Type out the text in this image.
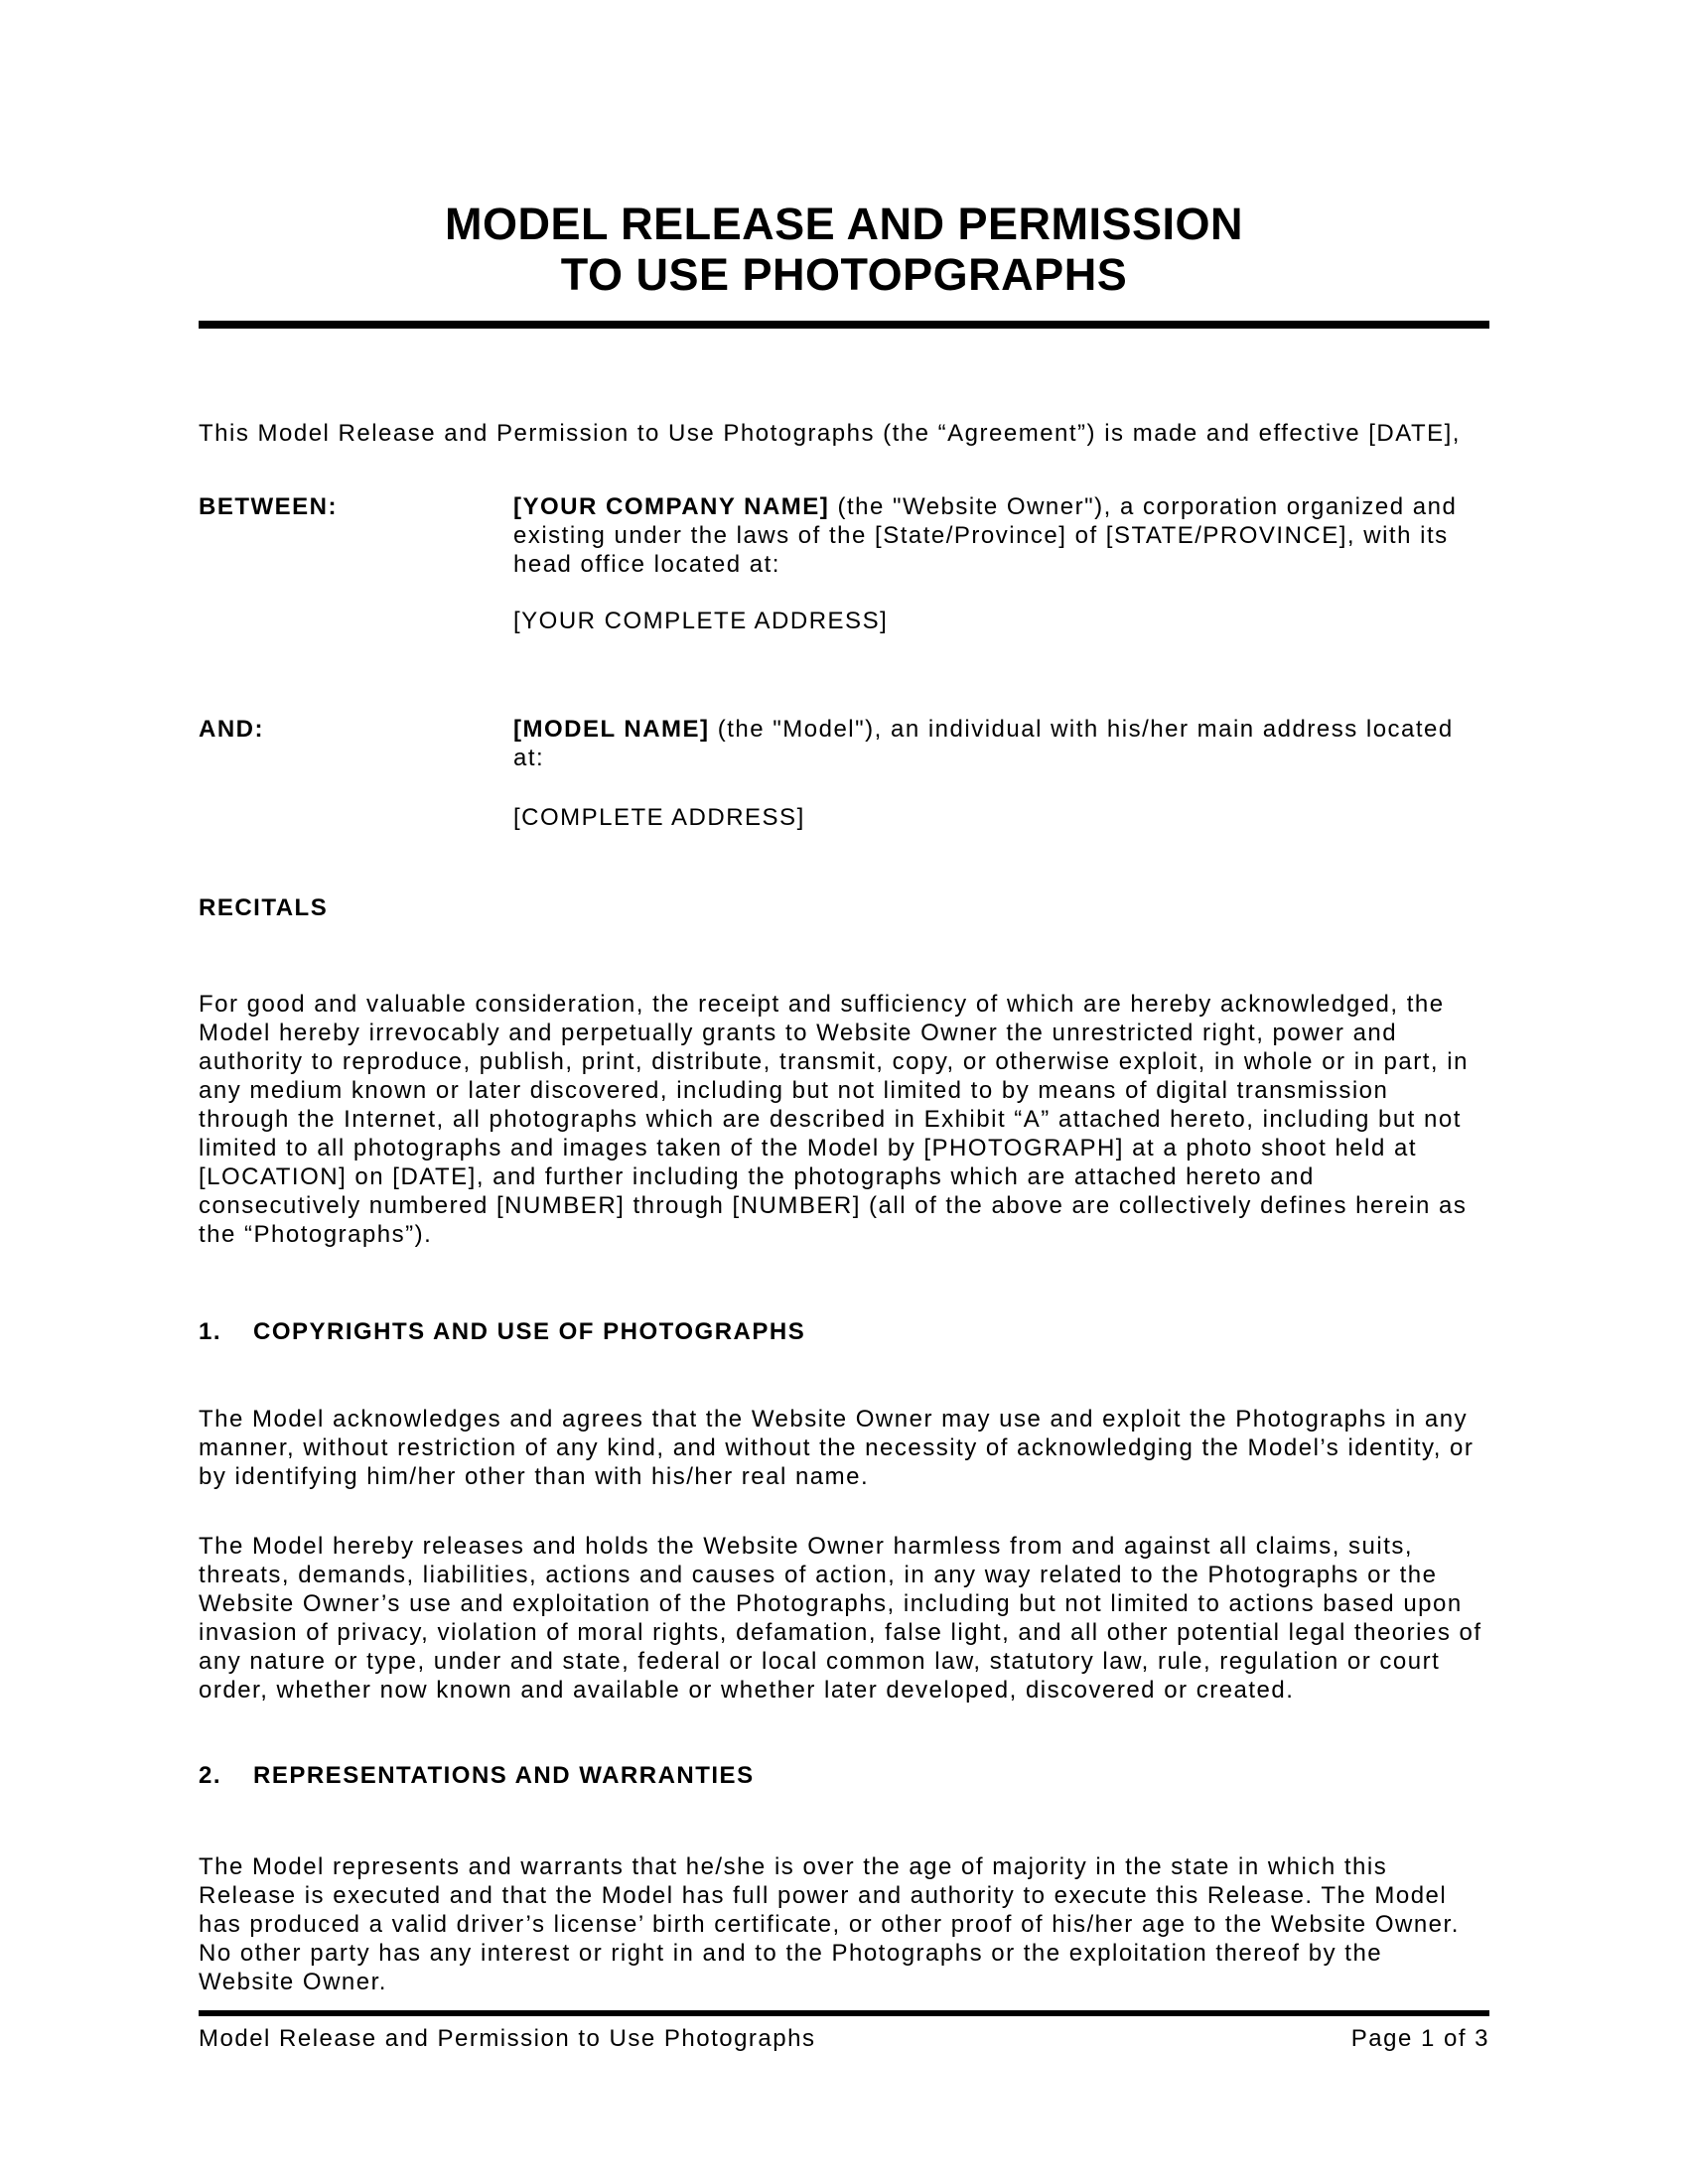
MODEL RELEASE AND PERMISSION
TO USE PHOTOPGRAPHS

This Model Release and Permission to Use Photographs (the “Agreement”) is made and effective [DATE],

BETWEEN:	[YOUR COMPANY NAME] (the "Website Owner"), a corporation organized and existing under the laws of the [State/Province] of [STATE/PROVINCE], with its head office located at:
[YOUR COMPLETE ADDRESS]
AND:	[MODEL NAME] (the "Model"), an individual with his/her main address located at:
[COMPLETE ADDRESS]
RECITALS

For good and valuable consideration, the receipt and sufficiency of which are hereby acknowledged, the Model hereby irrevocably and perpetually grants to Website Owner the unrestricted right, power and authority to reproduce, publish, print, distribute, transmit, copy, or otherwise exploit, in whole or in part, in any medium known or later discovered, including but not limited to by means of digital transmission through the Internet, all photographs which are described in Exhibit “A” attached hereto, including but not limited to all photographs and images taken of the Model by [PHOTOGRAPH] at a photo shoot held at [LOCATION] on [DATE], and further including the photographs which are attached hereto and consecutively numbered [NUMBER] through [NUMBER] (all of the above are collectively defines herein as the “Photographs”).

1. COPYRIGHTS AND USE OF PHOTOGRAPHS

The Model acknowledges and agrees that the Website Owner may use and exploit the Photographs in any manner, without restriction of any kind, and without the necessity of acknowledging the Model’s identity, or by identifying him/her other than with his/her real name.

The Model hereby releases and holds the Website Owner harmless from and against all claims, suits, threats, demands, liabilities, actions and causes of action, in any way related to the Photographs or the Website Owner’s use and exploitation of the Photographs, including but not limited to actions based upon invasion of privacy, violation of moral rights, defamation, false light, and all other potential legal theories of any nature or type, under and state, federal or local common law, statutory law, rule, regulation or court order, whether now known and available or whether later developed, discovered or created.

2. REPRESENTATIONS AND WARRANTIES

The Model represents and warrants that he/she is over the age of majority in the state in which this Release is executed and that the Model has full power and authority to execute this Release. The Model has produced a valid driver’s license’ birth certificate, or other proof of his/her age to the Website Owner. No other party has any interest or right in and to the Photographs or the exploitation thereof by the Website Owner.

Model Release and Permission to Use Photographs	Page 1 of 3
